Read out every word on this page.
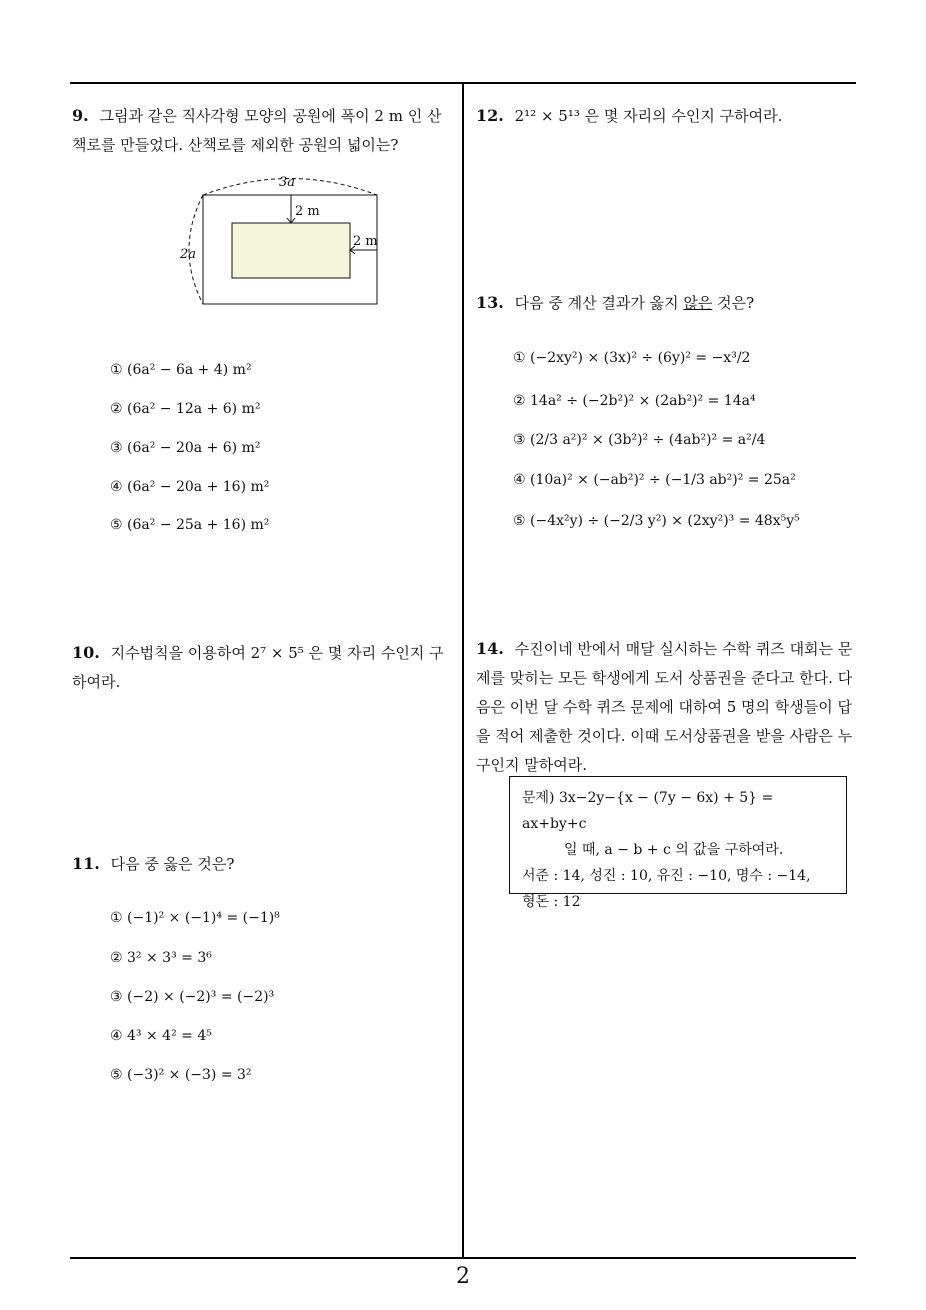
9. 그림과 같은 직사각형 모양의 공원에 폭이 2 m 인 산책로를 만들었다. 산책로를 제외한 공원의 넓이는?
3a
2a
2 m
2 m
① (6a² − 6a + 4) m²
② (6a² − 12a + 6) m²
③ (6a² − 20a + 6) m²
④ (6a² − 20a + 16) m²
⑤ (6a² − 25a + 16) m²
10. 지수법칙을 이용하여 2⁷ × 5⁵ 은 몇 자리 수인지 구하여라.
11. 다음 중 옳은 것은?
① (−1)² × (−1)⁴ = (−1)⁸
② 3² × 3³ = 3⁶
③ (−2) × (−2)³ = (−2)³
④ 4³ × 4² = 4⁵
⑤ (−3)² × (−3) = 3²
12. 2¹² × 5¹³ 은 몇 자리의 수인지 구하여라.
13. 다음 중 계산 결과가 옳지 않은 것은?
① (−2xy²) × (3x)² ÷ (6y)² = −x³/2
② 14a² ÷ (−2b²)² × (2ab²)² = 14a⁴
③ (2/3 a²)² × (3b²)² ÷ (4ab²)² = a²/4
④ (10a)² × (−ab²)² ÷ (−1/3 ab²)² = 25a²
⑤ (−4x²y) ÷ (−2/3 y²) × (2xy²)³ = 48x⁵y⁵
14. 수진이네 반에서 매달 실시하는 수학 퀴즈 대회는 문제를 맞히는 모든 학생에게 도서 상품권을 준다고 한다. 다음은 이번 달 수학 퀴즈 문제에 대하여 5 명의 학생들이 답을 적어 제출한 것이다. 이때 도서상품권을 받을 사람은 누구인지 말하여라.
문제) 3x−2y−{x − (7y − 6x) + 5} = ax+by+c
일 때, a − b + c 의 값을 구하여라.
서준 : 14, 성진 : 10, 유진 : −10, 명수 : −14,
형돈 : 12
2
